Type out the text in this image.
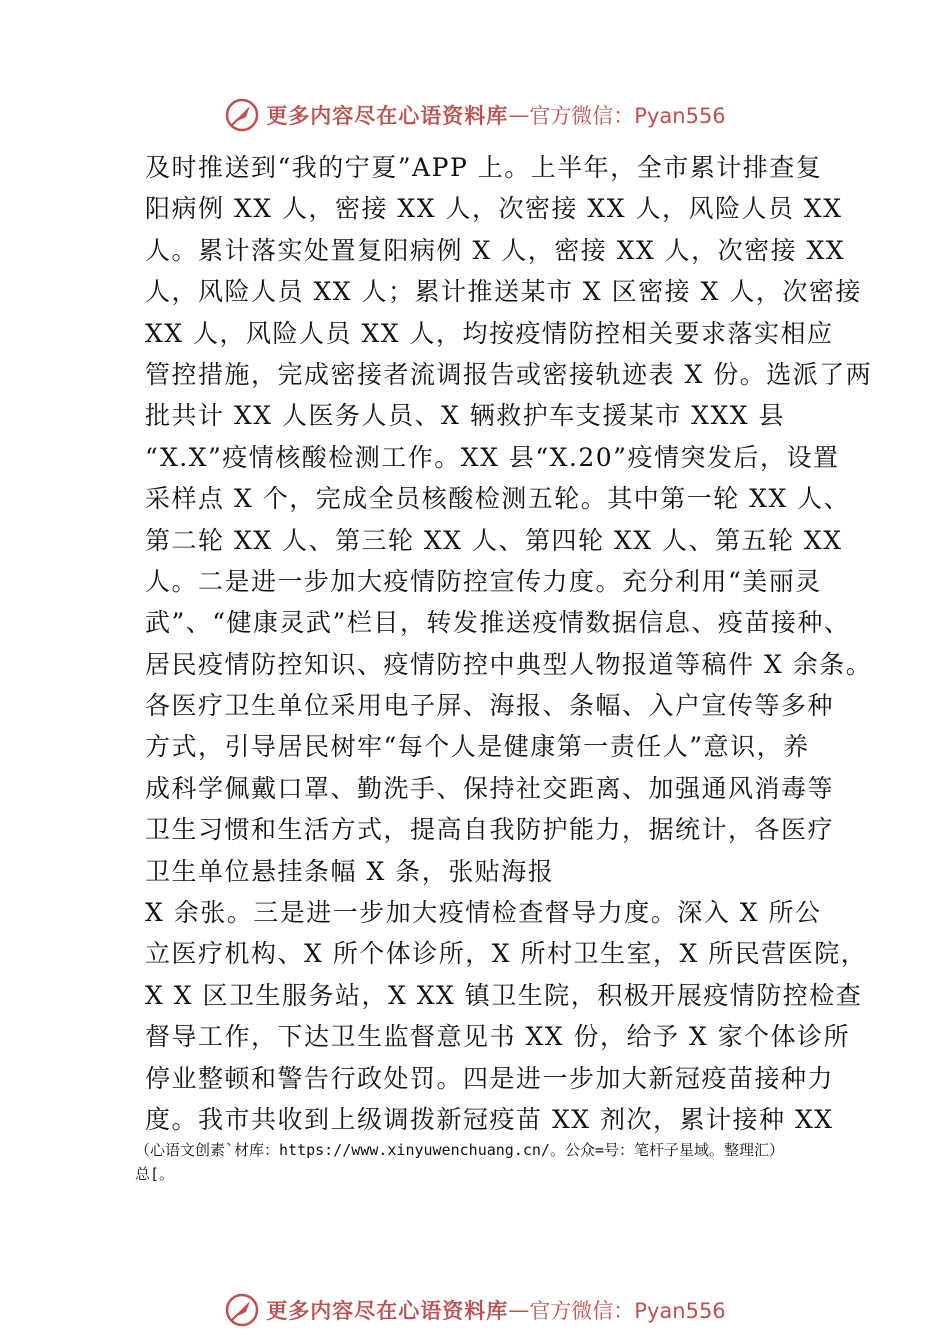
更多内容尽在心语资料库 — 官方微信：Pyan556
及时推送到“我的宁夏”APP 上。上半年，全市累计排查复
阳病例 XX 人，密接 XX 人，次密接 XX 人，风险人员 XX
人。累计落实处置复阳病例 X 人，密接 XX 人，次密接 XX
人，风险人员 XX 人；累计推送某市 X 区密接 X 人，次密接
XX 人，风险人员 XX 人，均按疫情防控相关要求落实相应
管控措施，完成密接者流调报告或密接轨迹表 X 份。选派了两
批共计 XX 人医务人员、X 辆救护车支援某市 XXX 县
“X.X”疫情核酸检测工作。XX 县“X.20”疫情突发后，设置
采样点 X 个，完成全员核酸检测五轮。其中第一轮 XX 人、
第二轮 XX 人、第三轮 XX 人、第四轮 XX 人、第五轮 XX
人。二是进一步加大疫情防控宣传力度。充分利用“美丽灵
武”、“健康灵武”栏目，转发推送疫情数据信息、疫苗接种、
居民疫情防控知识、疫情防控中典型人物报道等稿件 X 余条。
各医疗卫生单位采用电子屏、海报、条幅、入户宣传等多种
方式，引导居民树牢“每个人是健康第一责任人”意识，养
成科学佩戴口罩、勤洗手、保持社交距离、加强通风消毒等
卫生习惯和生活方式，提高自我防护能力，据统计，各医疗
卫生单位悬挂条幅 X 条，张贴海报
X 余张。三是进一步加大疫情检查督导力度。深入 X 所公
立医疗机构、X 所个体诊所，X 所村卫生室，X 所民营医院，
X X 区卫生服务站，X XX 镇卫生院，积极开展疫情防控检查
督导工作，下达卫生监督意见书 XX 份，给予 X 家个体诊所
停业整顿和警告行政处罚。四是进一步加大新冠疫苗接种力
度。我市共收到上级调拨新冠疫苗 XX 剂次，累计接种 XX
（心语文创素`材库：https://www.xinyuwenchuang.cn/。公众=号：笔杆子星域。整理汇）
总[。
更多内容尽在心语资料库 — 官方微信：Pyan556
